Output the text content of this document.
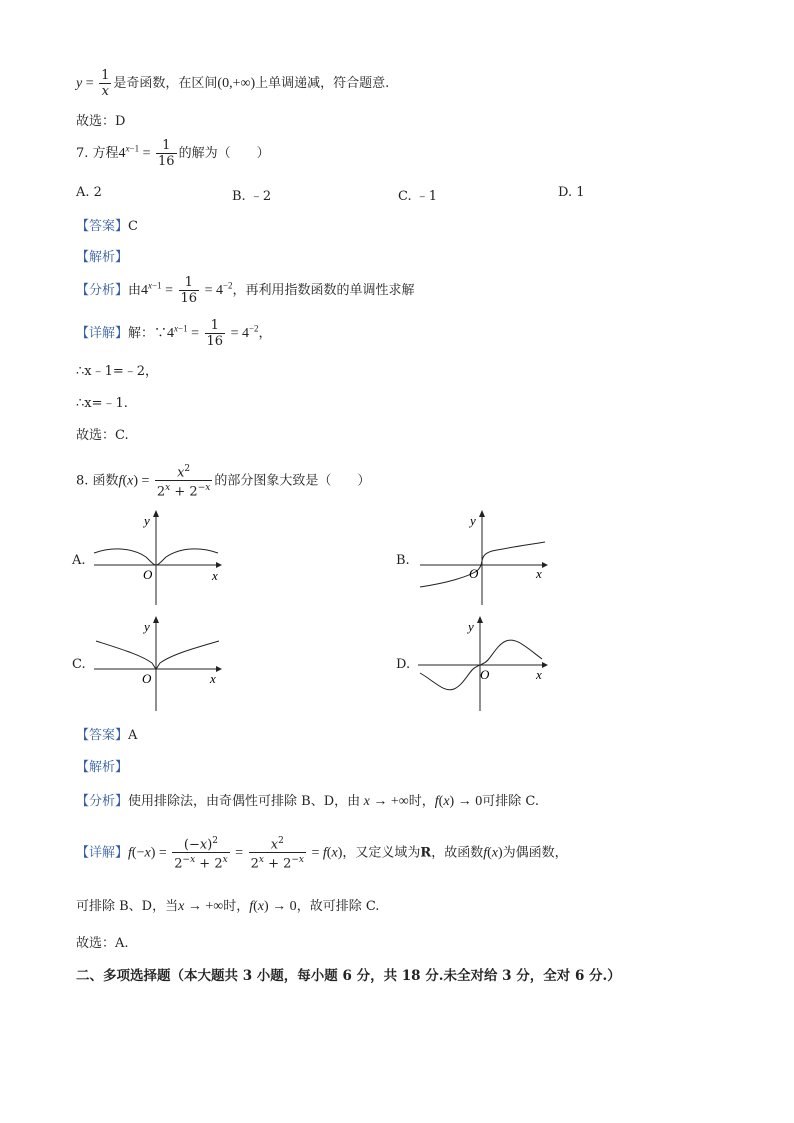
$y = \frac{1}{x}$ 是奇函数，在区间(0,+∞)上单调递减，符合题意.
故选：D
7. 方程$4^{x-1} = \frac{1}{16}$ 的解为（　　）
A. 2	B. ﹣2	C. ﹣1	D. 1
【答案】C
【解析】
【分析】由$4^{x-1} = \frac{1}{16} = 4^{-2}$，再利用指数函数的单调性求解
【详解】解：$\because 4^{x-1} = \frac{1}{16} = 4^{-2}$，
∴x﹣1=﹣2，
∴x=﹣1.
故选：C.
8. 函数$f(x) = \frac{x^2}{2^x + 2^{-x}}$ 的部分图象大致是（　　）
A.	B.
C.	D.
y
x
O
y
x
O
y
x
O
y
x
O
【答案】A
【解析】
【分析】使用排除法，由奇偶性可排除 B、D，由 x → +∞时，f(x) → 0可排除 C.
【详解】$f(-x) = \frac{(-x)^2}{2^{-x} + 2^x} = \frac{x^2}{2^x + 2^{-x}} = f(x)$，又定义域为R，故函数f(x)为偶函数，
可排除 B、D，当x → +∞时，f(x) → 0，故可排除 C.
故选：A.
二、多项选择题（本大题共 3 小题，每小题 6 分，共 18 分.未全对给 3 分，全对 6 分.）
